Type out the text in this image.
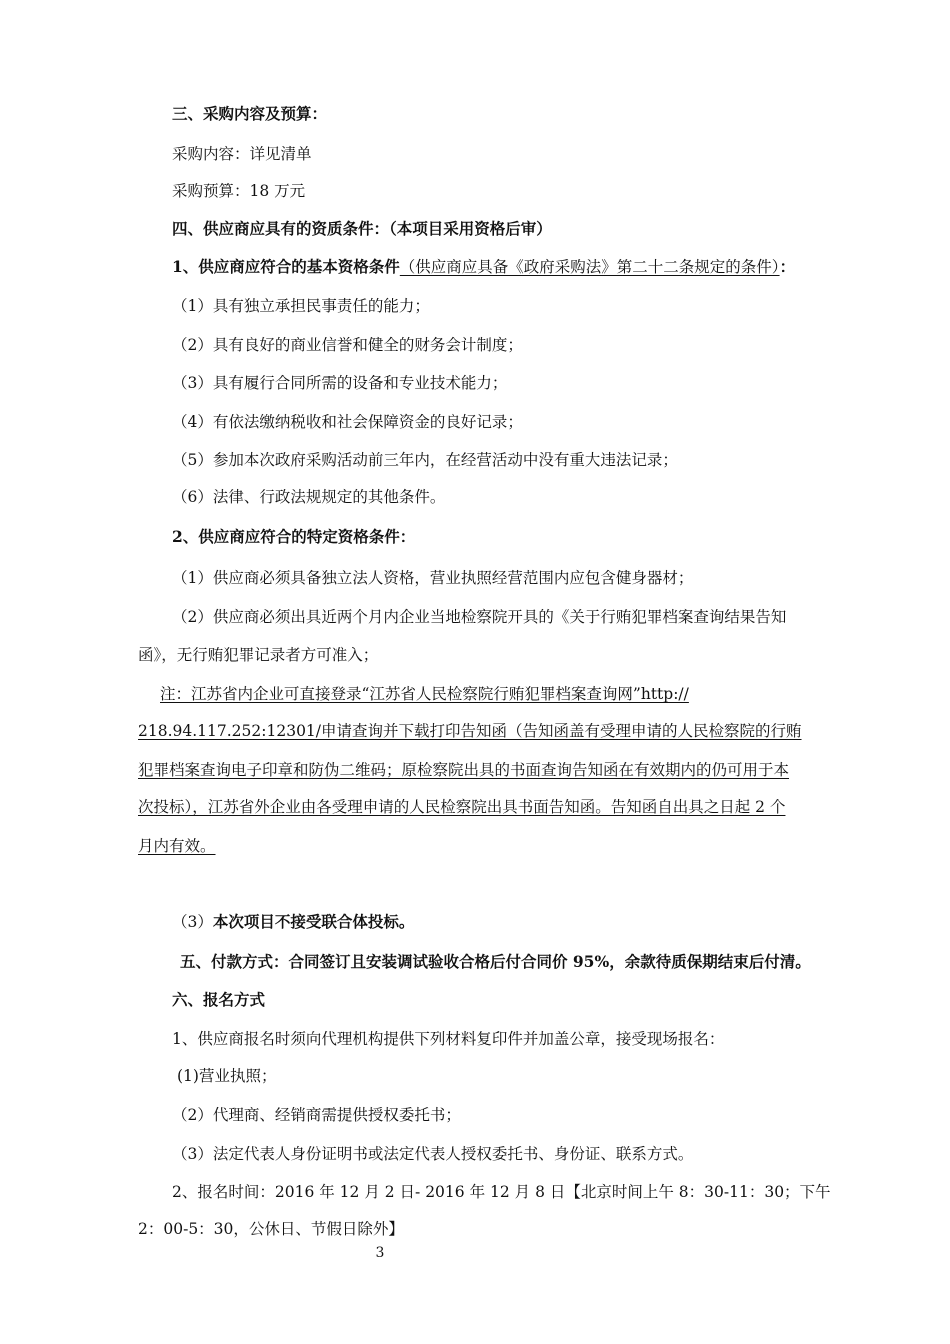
三、采购内容及预算：
采购内容：详见清单
采购预算：18 万元
四、供应商应具有的资质条件：（本项目采用资格后审）
1、供应商应符合的基本资格条件（供应商应具备《政府采购法》第二十二条规定的条件）：
（1）具有独立承担民事责任的能力；
（2）具有良好的商业信誉和健全的财务会计制度；
（3）具有履行合同所需的设备和专业技术能力；
（4）有依法缴纳税收和社会保障资金的良好记录；
（5）参加本次政府采购活动前三年内，在经营活动中没有重大违法记录；
（6）法律、行政法规规定的其他条件。
2、供应商应符合的特定资格条件：
（1）供应商必须具备独立法人资格，营业执照经营范围内应包含健身器材；
（2）供应商必须出具近两个月内企业当地检察院开具的《关于行贿犯罪档案查询结果告知
函》，无行贿犯罪记录者方可准入；
注：江苏省内企业可直接登录“江苏省人民检察院行贿犯罪档案查询网”http://
218.94.117.252:12301/申请查询并下载打印告知函（告知函盖有受理申请的人民检察院的行贿
犯罪档案查询电子印章和防伪二维码；原检察院出具的书面查询告知函在有效期内的仍可用于本
次投标），江苏省外企业由各受理申请的人民检察院出具书面告知函。告知函自出具之日起 2 个
月内有效。
（3）本次项目不接受联合体投标。
五、付款方式：合同签订且安装调试验收合格后付合同价 95%，余款待质保期结束后付清。
六、报名方式
1、供应商报名时须向代理机构提供下列材料复印件并加盖公章，接受现场报名：
(1)营业执照；
（2）代理商、经销商需提供授权委托书；
（3）法定代表人身份证明书或法定代表人授权委托书、身份证、联系方式。
2、报名时间：2016 年 12 月 2 日- 2016 年 12 月 8 日【北京时间上午 8：30-11：30；下午
2：00-5：30，公休日、节假日除外】
3
